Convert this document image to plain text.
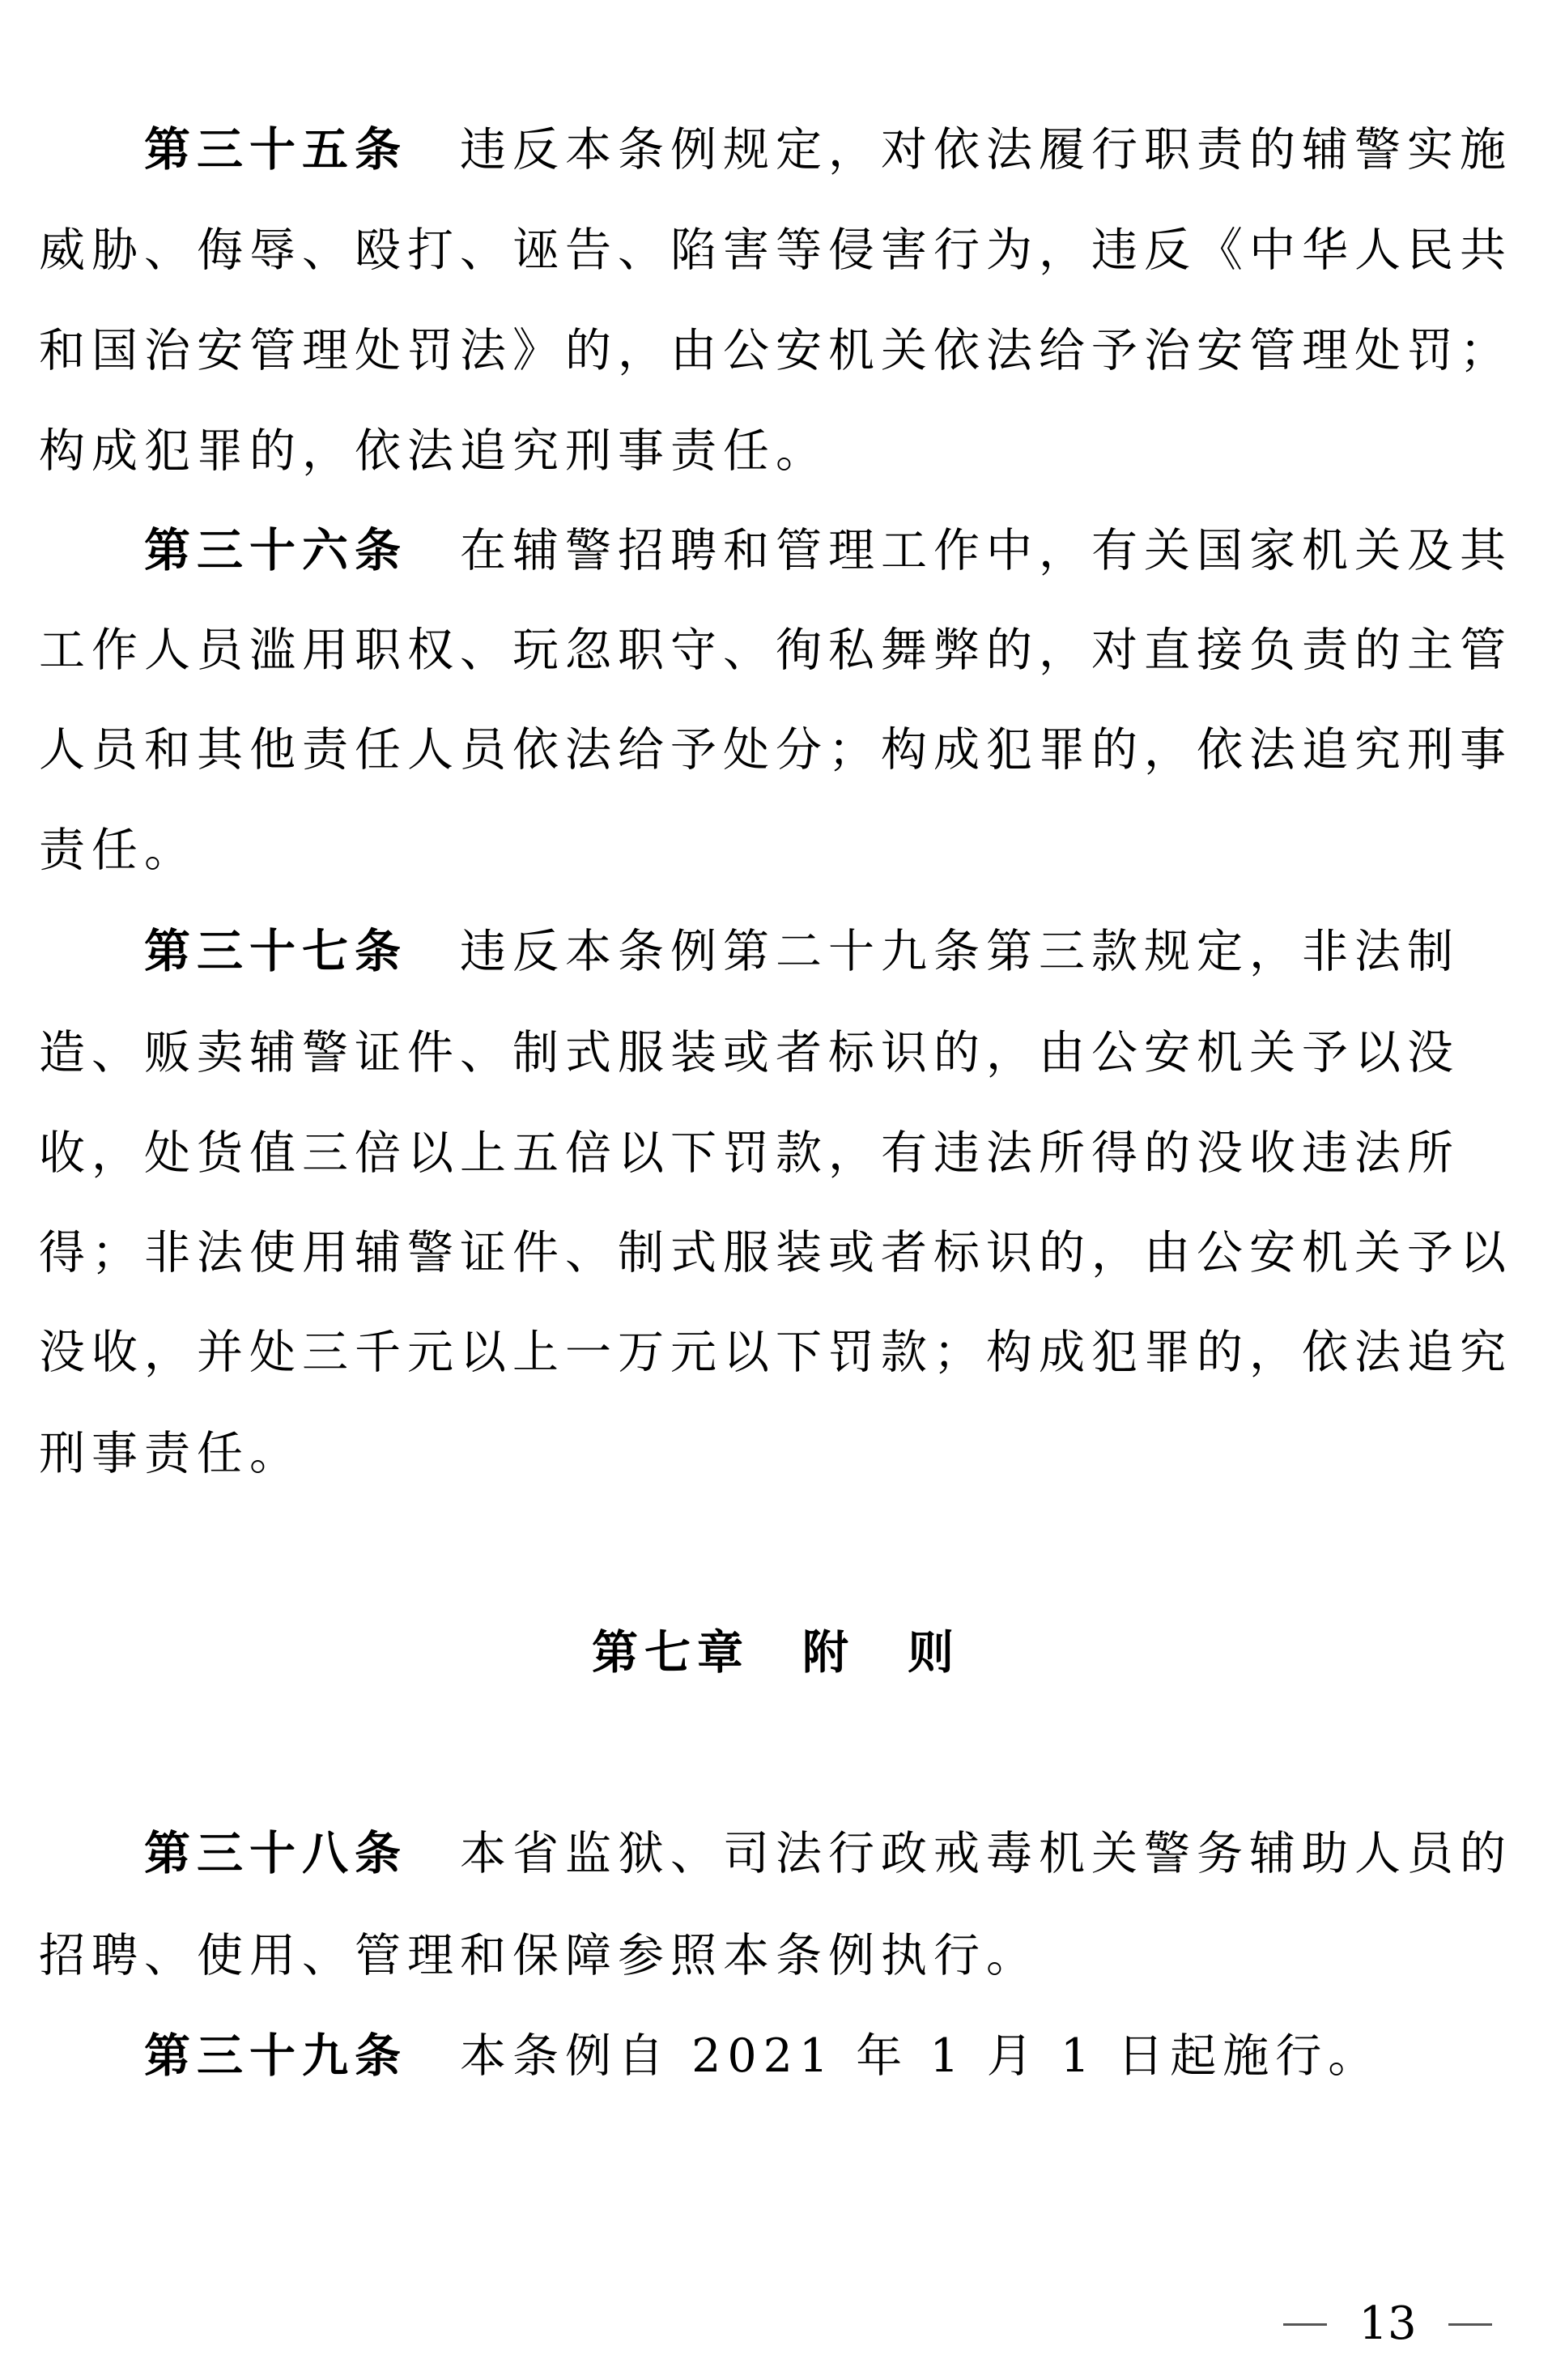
第三十五条 违反本条例规定，对依法履行职责的辅警实施
威胁、侮辱、殴打、诬告、陷害等侵害行为，违反《中华人民共
和国治安管理处罚法》的，由公安机关依法给予治安管理处罚；
构成犯罪的，依法追究刑事责任。
第三十六条 在辅警招聘和管理工作中，有关国家机关及其
工作人员滥用职权、玩忽职守、徇私舞弊的，对直接负责的主管
人员和其他责任人员依法给予处分；构成犯罪的，依法追究刑事
责任。
第三十七条 违反本条例第二十九条第三款规定，非法制
造、贩卖辅警证件、制式服装或者标识的，由公安机关予以没
收，处货值三倍以上五倍以下罚款，有违法所得的没收违法所
得；非法使用辅警证件、制式服装或者标识的，由公安机关予以
没收，并处三千元以上一万元以下罚款；构成犯罪的，依法追究
刑事责任。
第七章 附 则
第三十八条 本省监狱、司法行政戒毒机关警务辅助人员的
招聘、使用、管理和保障参照本条例执行。
第三十九条 本条例自 2021 年 1 月 1 日起施行。
13
